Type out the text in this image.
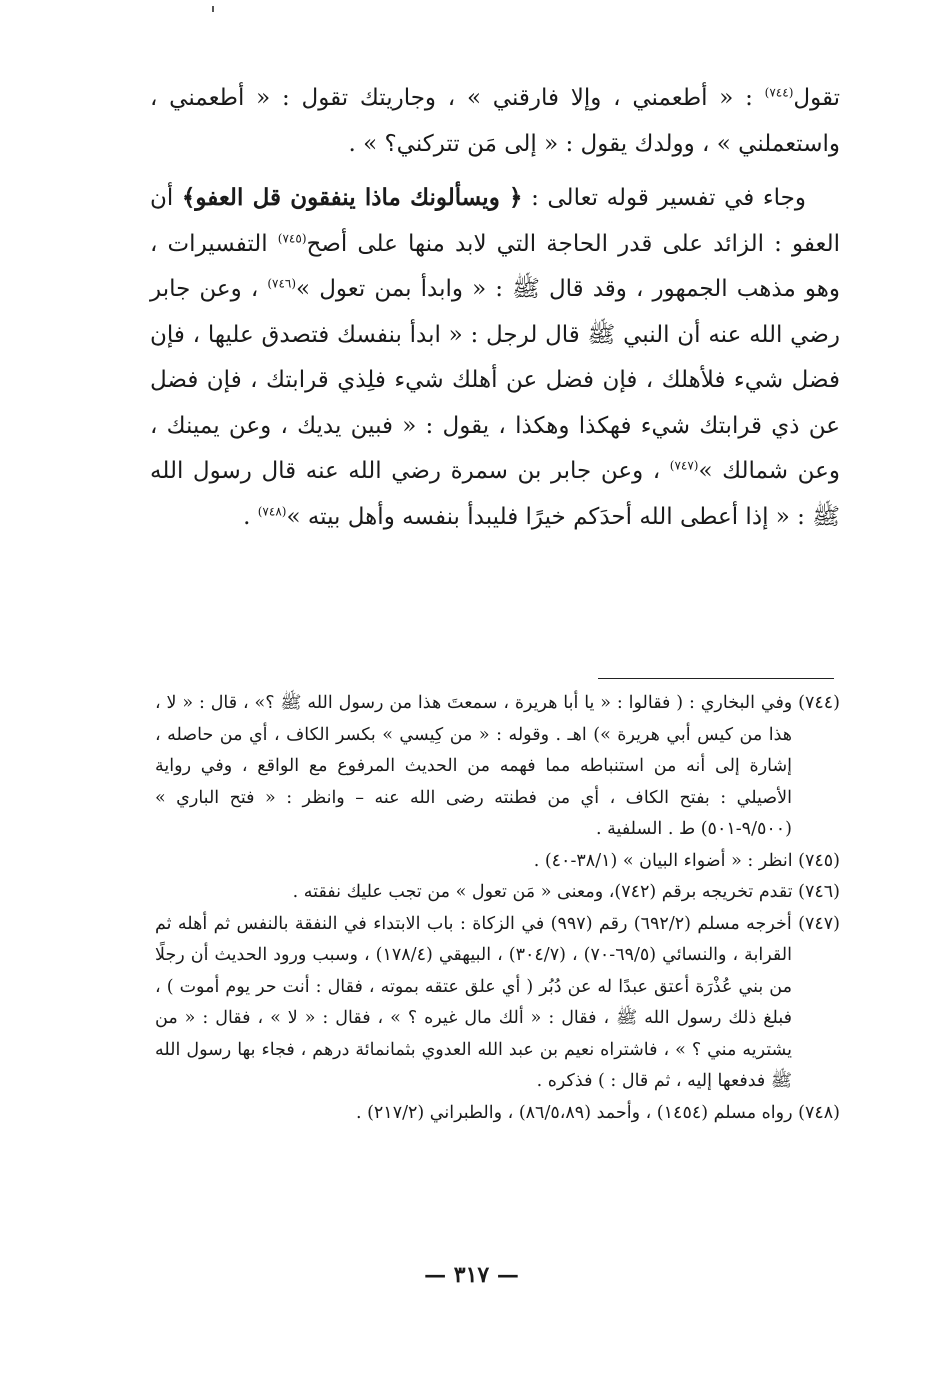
تقول$^{(٧٤٤)}$ : « أطعمني ، وإلا فارقني » ، وجاريتك تقول : « أطعمني ، واستعملني » ، وولدك يقول : « إلى مَن تتركني؟ » .

وجاء في تفسير قوله تعالى : ﴿ ويسألونك ماذا ينفقون قل العفو﴾ أن العفو : الزائد على قدر الحاجة التي لابد منها على أصح$^{(٧٤٥)}$ التفسيرات ، وهو مذهب الجمهور ، وقد قال ﷺ : « وابدأ بمن تعول »$^{(٧٤٦)}$ ، وعن جابر رضي الله عنه أن النبي ﷺ قال لرجل : « ابدأ بنفسك فتصدق عليها ، فإن فضل شيء فلأهلك ، فإن فضل عن أهلك شيء فلِذي قرابتك ، فإن فضل عن ذي قرابتك شيء فهكذا وهكذا ، يقول : « فبين يديك ، وعن يمينك ، وعن شمالك »$^{(٧٤٧)}$ ، وعن جابر بن سمرة رضي الله عنه قال رسول الله ﷺ : « إذا أعطى الله أحدَكم خيرًا فليبدأ بنفسه وأهل بيته »$^{(٧٤٨)}$ .

(٧٤٤) وفي البخاري : ( فقالوا : « يا أبا هريرة ، سمعتَ هذا من رسول الله ﷺ ؟» ، قال : « لا ، هذا من كيس أبي هريرة ») اهـ . وقوله : « من كِيسي » بكسر الكاف ، أي من حاصله ، إشارة إلى أنه من استنباطه مما فهمه من الحديث المرفوع مع الواقع ، وفي رواية الأصيلي : بفتح الكاف ، أي من فطنته رضى الله عنه – وانظر : « فتح الباري » (٩/٥٠٠-٥٠١) ط . السلفية .

(٧٤٥) انظر : « أضواء البيان » (٣٨/١-٤٠) .

(٧٤٦) تقدم تخريجه برقم (٧٤٢)، ومعنى « مَن تعول » من تجب عليك نفقته .

(٧٤٧) أخرجه مسلم (٦٩٢/٢) رقم (٩٩٧) في الزكاة : باب الابتداء في النفقة بالنفس ثم أهله ثم القرابة ، والنسائي (٦٩/٥-٧٠) ، (٣٠٤/٧) ، البيهقي (١٧٨/٤) ، وسبب ورود الحديث أن رجلًا من بني عُذْرَة أعتق عبدًا له عن دُبُر ( أي علق عتقه بموته ، فقال : أنت حر يوم أموت ) ، فبلغ ذلك رسول الله ﷺ ، فقال : « ألك مال غيره ؟ » ، فقال : « لا » ، فقال : « من يشتريه مني ؟ » ، فاشتراه نعيم بن عبد الله العدوي بثمانمائة درهم ، فجاء بها رسول الله ﷺ فدفعها إليه ، ثم قال : ) فذكره .

(٧٤٨) رواه مسلم (١٤٥٤) ، وأحمد (٨٦/٥،٨٩) ، والطبراني (٢١٧/٢) .

— ٣١٧ —
